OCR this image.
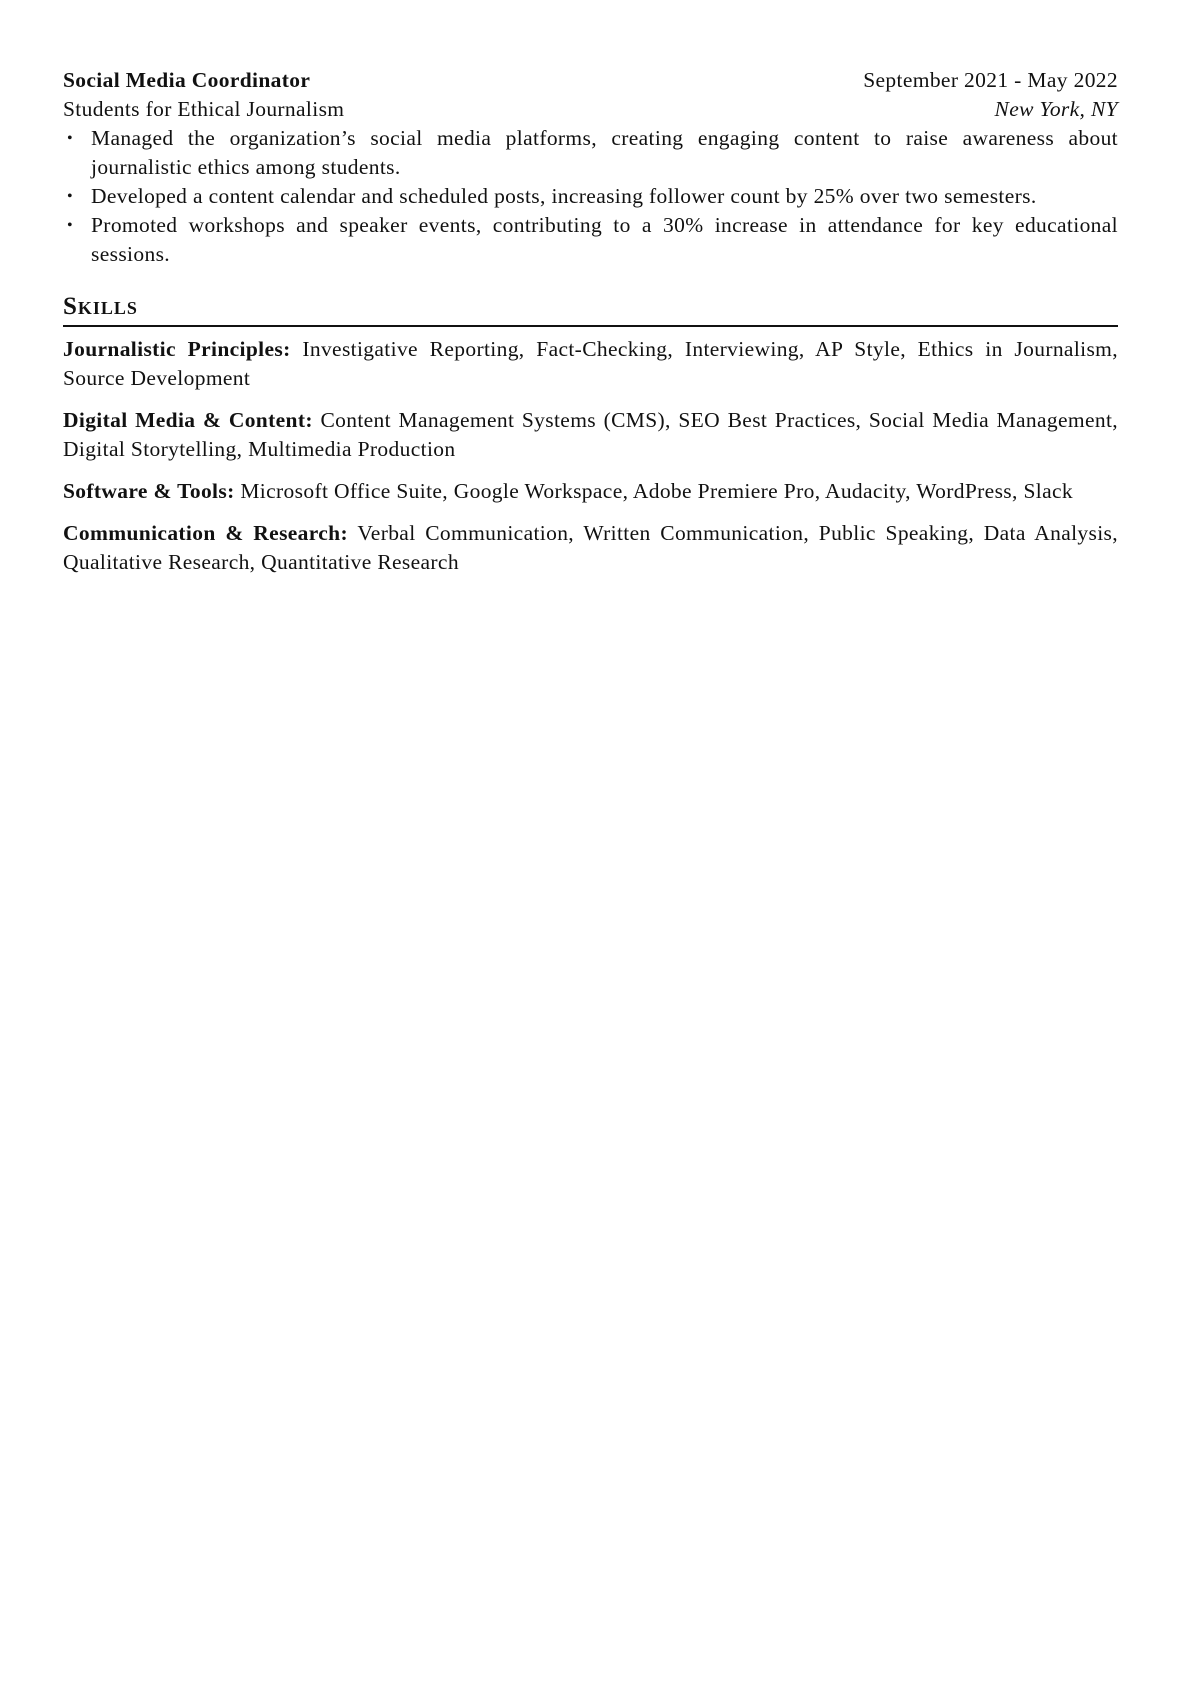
Social Media Coordinator	September 2021 - May 2022
Students for Ethical Journalism	New York, NY
• Managed the organization’s social media platforms, creating engaging content to raise awareness about journalistic ethics among students.
• Developed a content calendar and scheduled posts, increasing follower count by 25% over two semesters.
• Promoted workshops and speaker events, contributing to a 30% increase in attendance for key educational sessions.
Skills
Journalistic Principles: Investigative Reporting, Fact-Checking, Interviewing, AP Style, Ethics in Journalism, Source Development
Digital Media & Content: Content Management Systems (CMS), SEO Best Practices, Social Media Management, Digital Storytelling, Multimedia Production
Software & Tools: Microsoft Office Suite, Google Workspace, Adobe Premiere Pro, Audacity, WordPress, Slack
Communication & Research: Verbal Communication, Written Communication, Public Speaking, Data Analysis, Qualitative Research, Quantitative Research
